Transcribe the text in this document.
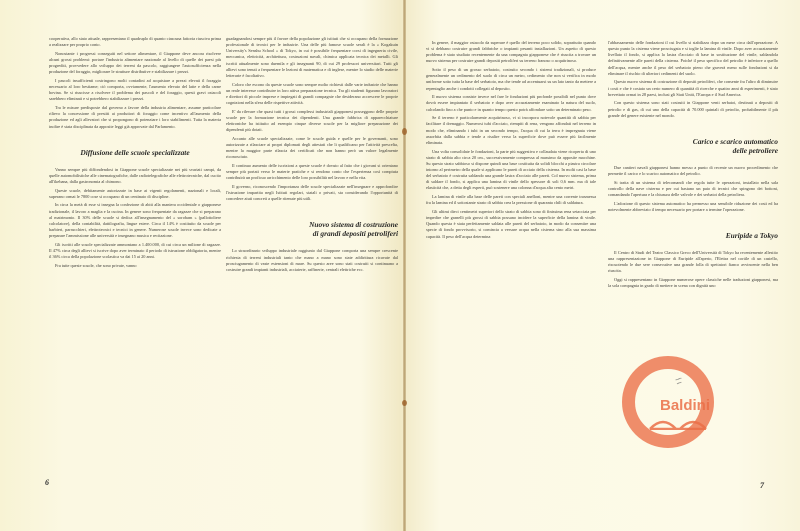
cooperativa, allo stato attuale, rappresentano il quadruplo di quanto ciascuna fattoria riusciva prima a realizzare per proprio conto.

Nonostante i progressi conseguiti nel settore alimentare, il Giappone deve ancora risolvere alcuni grossi problemi: portare l'industria alimentare nazionale al livello di quelle dei paesi più progrediti, provvedere allo sviluppo dei terreni da pascolo, raggiungere l'autosufficienza nella produzione del foraggio, migliorare le strutture distributive e stabilizzare i prezzi.

I pascoli insufficienti costringono molti contadini ad acquistare a prezzi elevati il foraggio necessario al loro bestiame; ciò comporta, ovviamente, l'aumento elevato del latte e della carne bovina. Se si riuscisse a risolvere il problema dei pascoli e del foraggio, questi gravi ostacoli sarebbero eliminati e si potrebbero stabilizzare i prezzi.

Tra le misure predisposte dal governo a favore della industria alimentare, assume particolare rilievo la concessione di prestiti ai produttori di foraggio come incentivo all'aumento della produzione ed agli allevatori che si propongono di potenziare i loro stabilimenti. Tutta la materia inoltre è stata disciplinata da apposite leggi già approvate dal Parlamento.

Diffusione delle scuole specializzate

Vanno sempre più diffondendosi in Giappone scuole specializzate nei più svariati campi, da quelle automobilistiche alle cinematografiche, dalle radiotelegrafiche alle elettrotecniche, dal cucito all'ikebana, dalla gastronomia al chimono.

Queste scuole, debitamente autorizzate in base ai vigenti regolamenti, nazionali e locali, superano ormai le 7800 cose si occupano di un centinaio di discipline.

In circa la metà di esse si insegna la confezione di abiti alla maniera occidentale o giapponese tradizionale, il lavoro a maglia e la cucina. In genere sono frequentate da ragazze che si preparano al matrimonio. Il 30% delle scuole si dedica all'insegnamento del « sorobam » (pallottoliere calcolatore), della contabilità, dattilografia, lingue estere. Circa il 14% è costituito da scuole per barbieri, parrucchieri, elettrotecnici e tecnici in genere. Numerose scuole invece sono dedicate a preparare l'ammissione alle università e insegnano musica e recitazione.

Gli iscritti alle scuole specializzate ammontano a 1.400.000, di cui circa un milione di ragazze. Il 47% circa degli allievi si iscrive dopo aver terminato il periodo di istruzione obbligatoria, mentre il 36% circa della popolazione scolastica va dai 15 ai 20 anni.

Fra tutte queste scuole, che sono private, vanno

guadagnandosi sempre più il favore della popolazione gli istituti che si occupano della formazione professionale di tecnici per le industrie. Una delle più famose scuole serali è la « Kogakuin University's Senshu School » di Tokyo, in cui è possibile frequentare corsi di ingegneria civile, meccanica, elettricità, architettura, costruzioni navali, chimica applicata tecnica dei metalli. Gli iscritti attualmente sono duemila e gli insegnanti 90, di cui 29 professori universitari. Tutti gli allievi sono tenuti a frequentare le lezioni di matematica e di inglese, mentre lo studio delle materie letterarie è facoltativo.

Coloro che escono da queste scuole sono sempre molto richiesti dalle varie industrie che hanno un reale interesse contribuire in loro attiva preparazione tecnica. Tra gli studenti figurano lavoratori e direttori di piccole imprese e impiegati di grandi compagnie che desiderano accrescere le proprie cognizioni nella sfera delle rispettive attività.

E' da rilevare che quasi tutti i grossi complessi industriali giapponesi posseggono delle proprie scuole per la formazione tecnica dei dipendenti. Una grande fabbrica di apparecchiature elettroniche ha istituito ad esempio cinque diverse scuole per la migliore preparazione dei dipendenti più dotati.

Accanto alle scuole specializzate, come le scuole guida e quelle per le governanti, sono autorizzate a rilasciare ai propri diplomati degli attestati che li qualificano per l'attività prescelta, mentre la maggior parte rilascia dei certificati che non hanno però un valore legalmente riconosciuto.

Il continuo aumento delle iscrizioni a queste scuole è dovuto al fatto che i giovani si orientano sempre più portati verso le materie pratiche e si rendono conto che l'esperienza così compiuta contribuirà un proficuo arricchimento delle loro possibilità nel lavoro e nella vita.

Il governo, riconoscendo l'importanza delle scuole specializzate nell'insegnare e approfondire l'istruzione impartita negli Istituti regolari, statali o privati, sta considerando l'opportunità di concedere aiuti concreti a quelle ritenute più utili.

Nuovo sistema di costruzione
di grandi depositi petroliferi

Lo straordinario sviluppo industriale raggiunto dal Giappone comporta una sempre crescente richiesta di terreni industriali tanto che mano a mano sono state addirittura ricavate dal prosciugamento di vaste estensioni di mare. Su questo aree sono stati costruiti si continuano a costruire grandi impianti industriali, acciaierie, raffinerie, centrali elettriche ecc.

6

In genere, il maggior ostacolo da superare è quello del terreno poco solido, soprattutto quando vi si debbano costruire grandi fabbriche o impianti pesanti installazioni. Un aspetto di questo problema è stato studiato recentemente da una compagnia giapponese che è riuscita a trovare un nuovo sistema per costruire grandi depositi petroliferi su terreno franoso o acquitrinoso.

Sotto il peso di un grosso serbatoio, costruito secondo i sistemi tradizionali, si produce generalmente un cedimento del suolo di circa un metro, cedimento che non si verifica in modo uniforme sotto tutta la base del serbatoio, ma che tende ad accentuarsi su un lato tanto da mettere a repentaglio anche i condotti collegati al deposito.

Il nuovo sistema consiste invece nel fare le fondazioni più profonde possibili nel punto dove dovrà essere impiantato il serbatoio e dopo aver accuratamente esaminato la natura del suolo, calcolando fino a che punto e in quanto tempo questo potrà affondare sotto un determinato peso.

Se il terreno è particolarmente acquitrinoso, vi si incorpora notevole quantità di sabbia per facilitare il drenaggio. Numerosi tubi d'acciaio, riempiti di rena, vengono affondati nel terreno in modo che, eliminando i tubi in un secondo tempo, l'acqua di cui la terra è impregnata viene assorbita dalla sabbia e tende a risalire verso la superficie dove può essere più facilmente eliminata.

Una volta consolidate le fondazioni, la parte più suggestiva e collaudata viene ricoperta di uno strato di sabbia alto circa 20 cm., successivamente compressa al massimo da apposite macchine. Su questo strato sabbioso si dispone quindi una base costituita da solidi blocchi a piastra circolare intorno al perimetro della quale si applicano le pareti di acciaio della cisterna. In molti casi la base del serbatoio è costruita saldando una grande lastra d'acciaio alle pareti. Col nuovo sistema, prima di saldare il fondo, si applica una lamina di vinile dello spessore di soli 0,6 mm. ma di tale elasticità che, a detta degli esperti, può sostenere una colonna d'acqua alta cento metri.

La lamina di vinile alla base delle pareti con speciali anelloni, mentre una corrente trasmessa fra la lamina ed il sottostante strato di sabbia crea la pressione di quaranta chili di saldatura.

Gli ultimi dieci centimetri superiori dello strato di sabbia sono di finissima rena setacciata per impedire che granelli più grossi di sabbia possano incidere la superficie della lamina di vinile. Quando questa è stata perfettamente saldata alle pareti del serbatoio, in modo da consentire una specie di fondo provvisorio, si comincia a versare acqua nella cisterna sino alla sua massima capacità. Il peso dell'acqua determina

l'abbassamento delle fondazioni il cui livello si stabilizza dopo un mese circa dall'operazione. A questo punto la cisterna viene prosciugata e si toglie la lamina di vinile. Dopo aver accuratamente livellato il fondo, si applica la lastra d'acciaio di base in sostituzione del vinile, saldandola definitivamente alle pareti della cisterna. Poiché il peso specifico del petrolio è inferiore a quello dell'acqua, mentre anche il peso del serbatoio pieno che graverà meno sulle fondazioni si da eliminare il rischio di ulteriori cedimenti del suolo.

Questo nuovo sistema di costruzione di depositi petroliferi, che consente fra l'altro di diminuire i costi e che è costato un certo numero di quantità di ricerche e quattro anni di esperimenti, è stato brevettato ormai in 28 paesi, inclusi gli Stati Uniti, l'Europa e il Sud America.

Con questo sistema sono stati costruiti in Giappone venti serbatoi, destinati a depositi di petrolio e di gas, di cui uno della capacità di 70.000 quintali di petrolio, probabilmente il più grande del genere esistente nel mondo.

Carico e scarico automatico
delle petroliere

Due cantieri navali giapponesi hanno messo a punto di recente un nuovo procedimento che permette il carico e lo scarico automatico del petrolio.

Si tratta di un sistema di telecomandi che regola tutte le operazioni, installato nella sala controllo della nave cisterna e per cui bastano un paio di tecnici che spingono dei bottoni, comandando l'apertura e la chiusura delle valvole e dei serbatoi della petroliera.

L'adozione di questo sistema automatico ha permesso una sensibile riduzione dei costi ed ha notevolmente abbreviato il tempo necessario per portare a termine l'operazione.

Euripide a Tokyo

Il Centro di Studi del Teatro Classico Greco dell'Università di Tokyo ha recentemente allestito una rappresentazione in Giappone di Euripide all'aperto, l'Elettra nel cortile di un castello, riscuotendo le due sere consecutive una grande folla di spettatori fianco avvincente nella ben riuscita.

Oggi si rappresentano in Giappone numerose opere classiche nelle traduzioni giapponesi, ma la sola compagnia in grado di mettere in scena con dignità uno

7
▪▪▪▪▪
▪▪▪▪
Baldini
